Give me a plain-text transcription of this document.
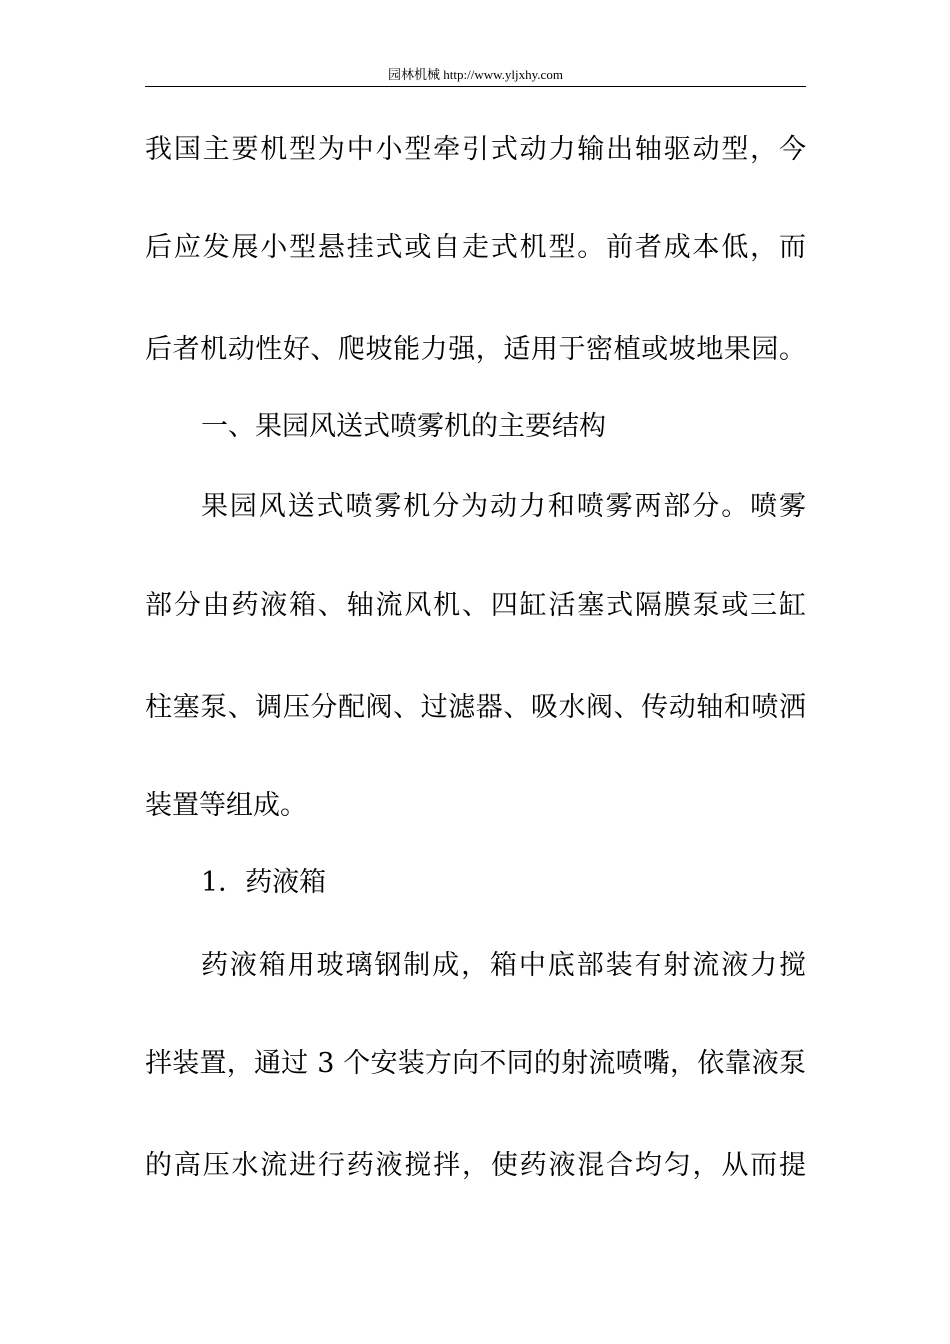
园林机械 http://www.yljxhy.com
我国主要机型为中小型牵引式动力输出轴驱动型，今
后应发展小型悬挂式或自走式机型。前者成本低，而
后者机动性好、爬坡能力强，适用于密植或坡地果园。
一、果园风送式喷雾机的主要结构
果园风送式喷雾机分为动力和喷雾两部分。喷雾
部分由药液箱、轴流风机、四缸活塞式隔膜泵或三缸
柱塞泵、调压分配阀、过滤器、吸水阀、传动轴和喷洒
装置等组成。
1．药液箱
药液箱用玻璃钢制成，箱中底部装有射流液力搅
拌装置，通过 3 个安装方向不同的射流喷嘴，依靠液泵
的高压水流进行药液搅拌，使药液混合均匀，从而提
